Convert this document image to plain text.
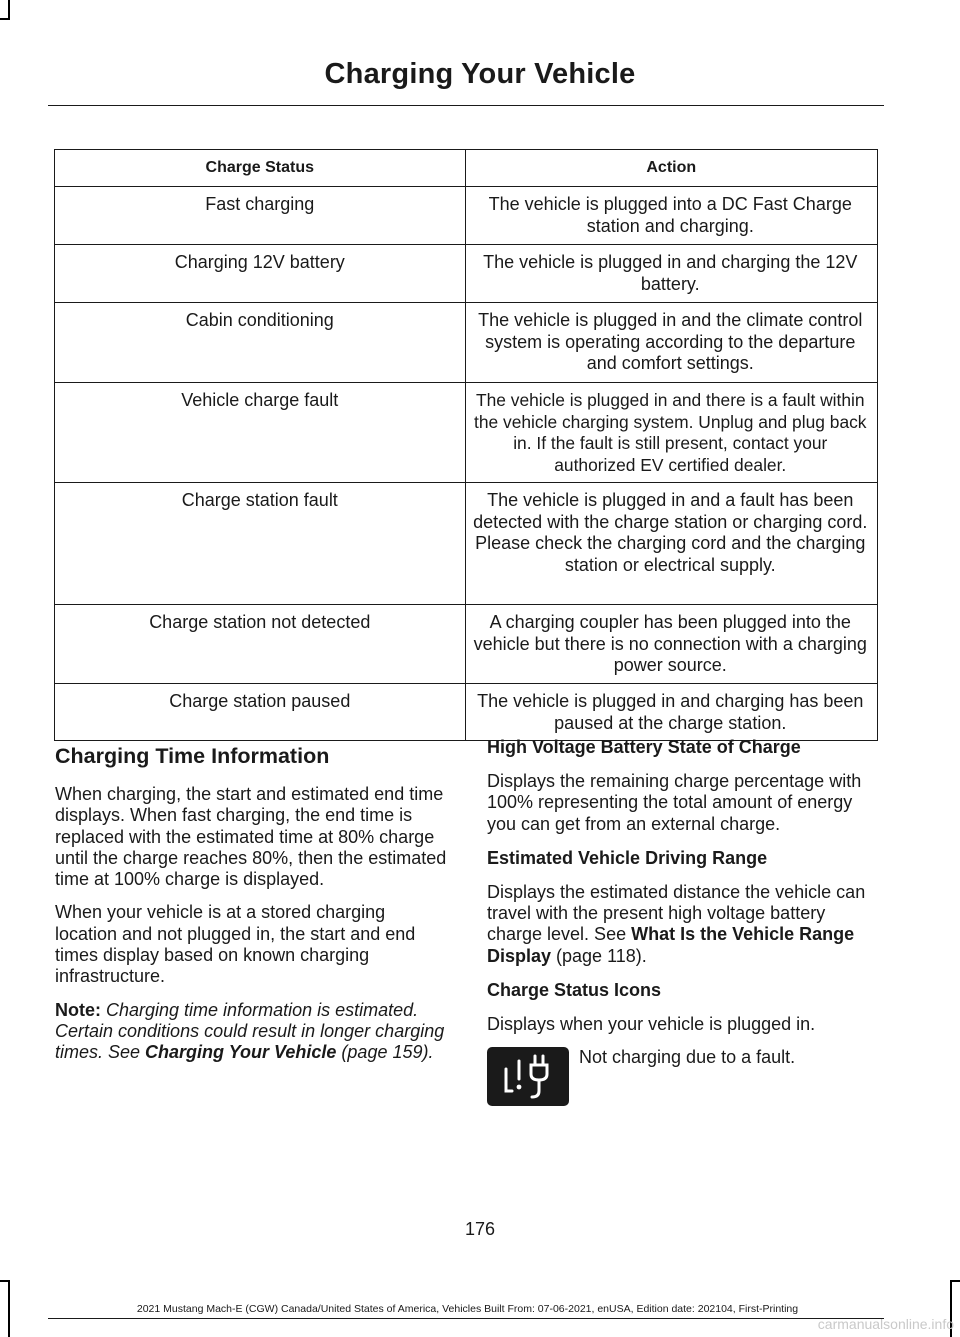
Charging Your Vehicle
Charge Status	Action
Fast charging	The vehicle is plugged into a DC Fast Charge station and charging.
Charging 12V battery	The vehicle is plugged in and charging the 12V battery.
Cabin conditioning	The vehicle is plugged in and the climate control system is operating according to the departure and comfort settings.
Vehicle charge fault	The vehicle is plugged in and there is a fault within the vehicle charging system. Unplug and plug back in. If the fault is still present, contact your authorized EV certified dealer.
Charge station fault	The vehicle is plugged in and a fault has been detected with the charge station or charging cord. Please check the charging cord and the charging station or electrical supply.
Charge station not detected	A charging coupler has been plugged into the vehicle but there is no connection with a charging power source.
Charge station paused	The vehicle is plugged in and charging has been paused at the charge station.
Charging Time Information

When charging, the start and estimated end time displays. When fast charging, the end time is replaced with the estimated time at 80% charge until the charge reaches 80%, then the estimated time at 100% charge is displayed.

When your vehicle is at a stored charging location and not plugged in, the start and end times display based on known charging infrastructure.

Note: Charging time information is estimated. Certain conditions could result in longer charging times. See Charging Your Vehicle (page 159).

High Voltage Battery State of Charge

Displays the remaining charge percentage with 100% representing the total amount of energy you can get from an external charge.

Estimated Vehicle Driving Range

Displays the estimated distance the vehicle can travel with the present high voltage battery charge level. See What Is the Vehicle Range Display (page 118).

Charge Status Icons

Displays when your vehicle is plugged in.

Not charging due to a fault.
176
2021 Mustang Mach-E (CGW) Canada/United States of America, Vehicles Built From: 07-06-2021, enUSA, Edition date: 202104, First-Printing
carmanualsonline.info
